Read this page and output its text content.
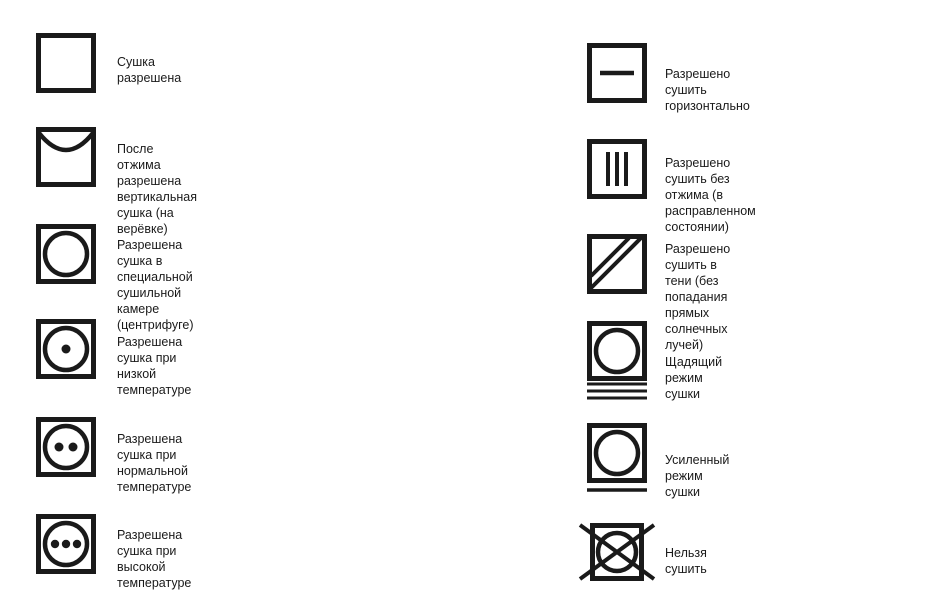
Сушка разрешена
После отжима разрешена
вертикальная сушка (на верёвке)
Разрешена сушка в специальной
сушильной камере (центрифуге)
Разрешена сушка при низкой
температуре
Разрешена сушка при
нормальной температуре
Разрешена сушка при высокой
температуре
Разрешено сушить горизонтально
Разрешено сушить без отжима (в
расправленном состоянии)
Разрешено сушить в тени (без
попадания прямых солнечных
лучей)
Щадящий режим сушки
Усиленный режим сушки
Нельзя сушить
